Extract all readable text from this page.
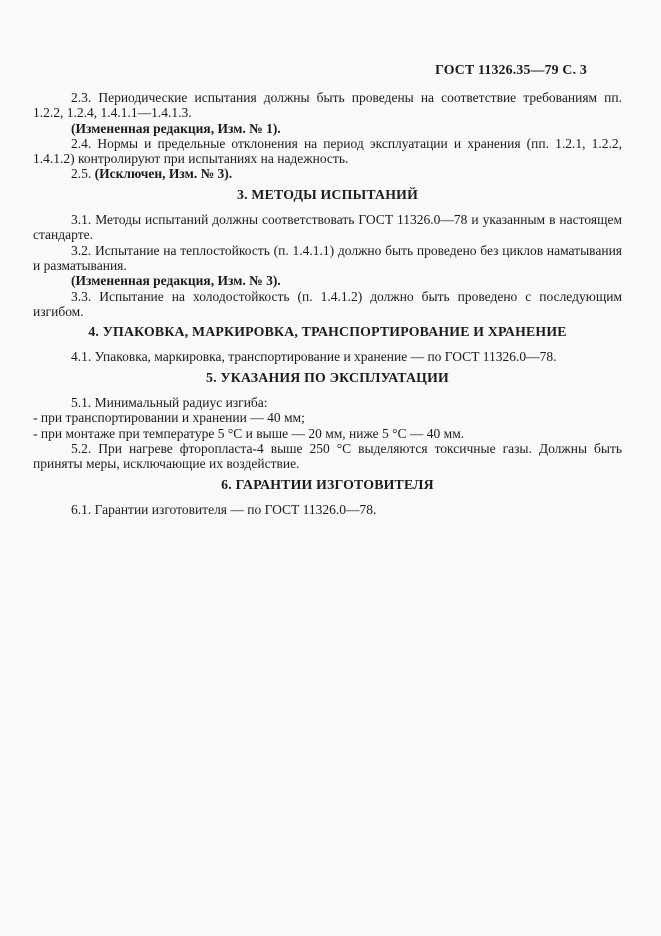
ГОСТ 11326.35—79 С. 3

2.3. Периодические испытания должны быть проведены на соответствие требованиям пп. 1.2.2, 1.2.4, 1.4.1.1—1.4.1.3.

(Измененная редакция, Изм. № 1).

2.4. Нормы и предельные отклонения на период эксплуатации и хранения (пп. 1.2.1, 1.2.2, 1.4.1.2) контролируют при испытаниях на надежность.

2.5. (Исключен, Изм. № 3).

3. МЕТОДЫ ИСПЫТАНИЙ

3.1. Методы испытаний должны соответствовать ГОСТ 11326.0—78 и указанным в настоящем стандарте.

3.2. Испытание на теплостойкость (п. 1.4.1.1) должно быть проведено без циклов наматывания и разматывания.

(Измененная редакция, Изм. № 3).

3.3. Испытание на холодостойкость (п. 1.4.1.2) должно быть проведено с последующим изгибом.

4. УПАКОВКА, МАРКИРОВКА, ТРАНСПОРТИРОВАНИЕ И ХРАНЕНИЕ

4.1. Упаковка, маркировка, транспортирование и хранение — по ГОСТ 11326.0—78.

5. УКАЗАНИЯ ПО ЭКСПЛУАТАЦИИ

5.1. Минимальный радиус изгиба:

- при транспортировании и хранении — 40 мм;

- при монтаже при температуре 5 °С и выше — 20 мм, ниже 5 °С — 40 мм.

5.2. При нагреве фторопласта-4 выше 250 °С выделяются токсичные газы. Должны быть приняты меры, исключающие их воздействие.

6. ГАРАНТИИ ИЗГОТОВИТЕЛЯ

6.1. Гарантии изготовителя — по ГОСТ 11326.0—78.
